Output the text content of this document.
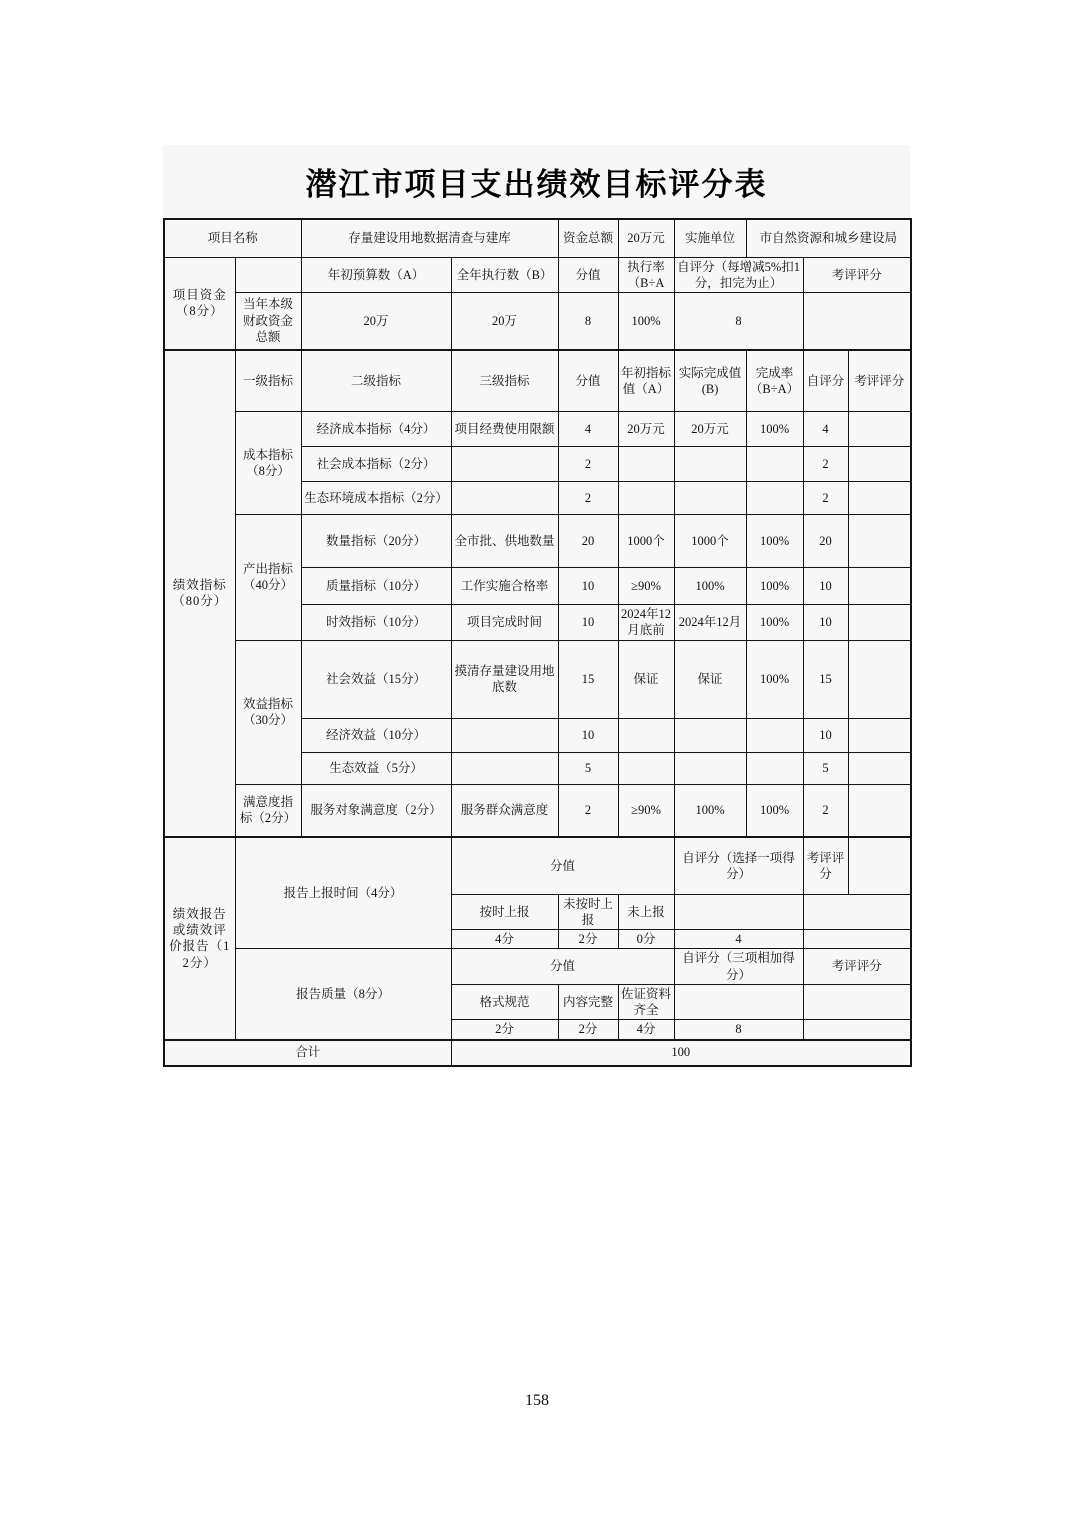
潜江市项目支出绩效目标评分表
项目名称		存量建设用地数据清查与建库		资金总额	20万元	实施单位	市自然资源和城乡建设局		
项目资金（8分）		年初预算数（A）	全年执行数（B）	分值	执行率（B÷A	自评分（每增减5%扣1分，扣完为止）		考评评分	
	当年本级财政资金总额	20万	20万	8	100%	8			
绩效指标（80分）	一级指标	二级指标	三级指标	分值	年初指标值（A）	实际完成值(B)	完成率（B÷A）	自评分	考评评分
	成本指标（8分）	经济成本指标（4分）	项目经费使用限额	4	20万元	20万元	100%	4	
		社会成本指标（2分）		2				2	
		生态环境成本指标（2分）		2				2	
	产出指标（40分）	数量指标（20分）	全市批、供地数量	20	1000个	1000个	100%	20	
		质量指标（10分）	工作实施合格率	10	≥90%	100%	100%	10	
		时效指标（10分）	项目完成时间	10	2024年12月底前	2024年12月	100%	10	
	效益指标（30分）	社会效益（15分）	摸清存量建设用地底数	15	保证	保证	100%	15	
		经济效益（10分）		10				10	
		生态效益（5分）		5				5	
	满意度指标（2分）	服务对象满意度（2分）	服务群众满意度	2	≥90%	100%	100%	2	
绩效报告或绩效评价报告（12分）	报告上报时间（4分）		分值			自评分（选择一项得分）		考评评分	
			按时上报	未按时上报	未上报				
			4分	2分	0分	4			
	报告质量（8分）		分值			自评分（三项相加得分）		考评评分	
			格式规范	内容完整	佐证资料齐全				
			2分	2分	4分	8			
合计			100						
158
